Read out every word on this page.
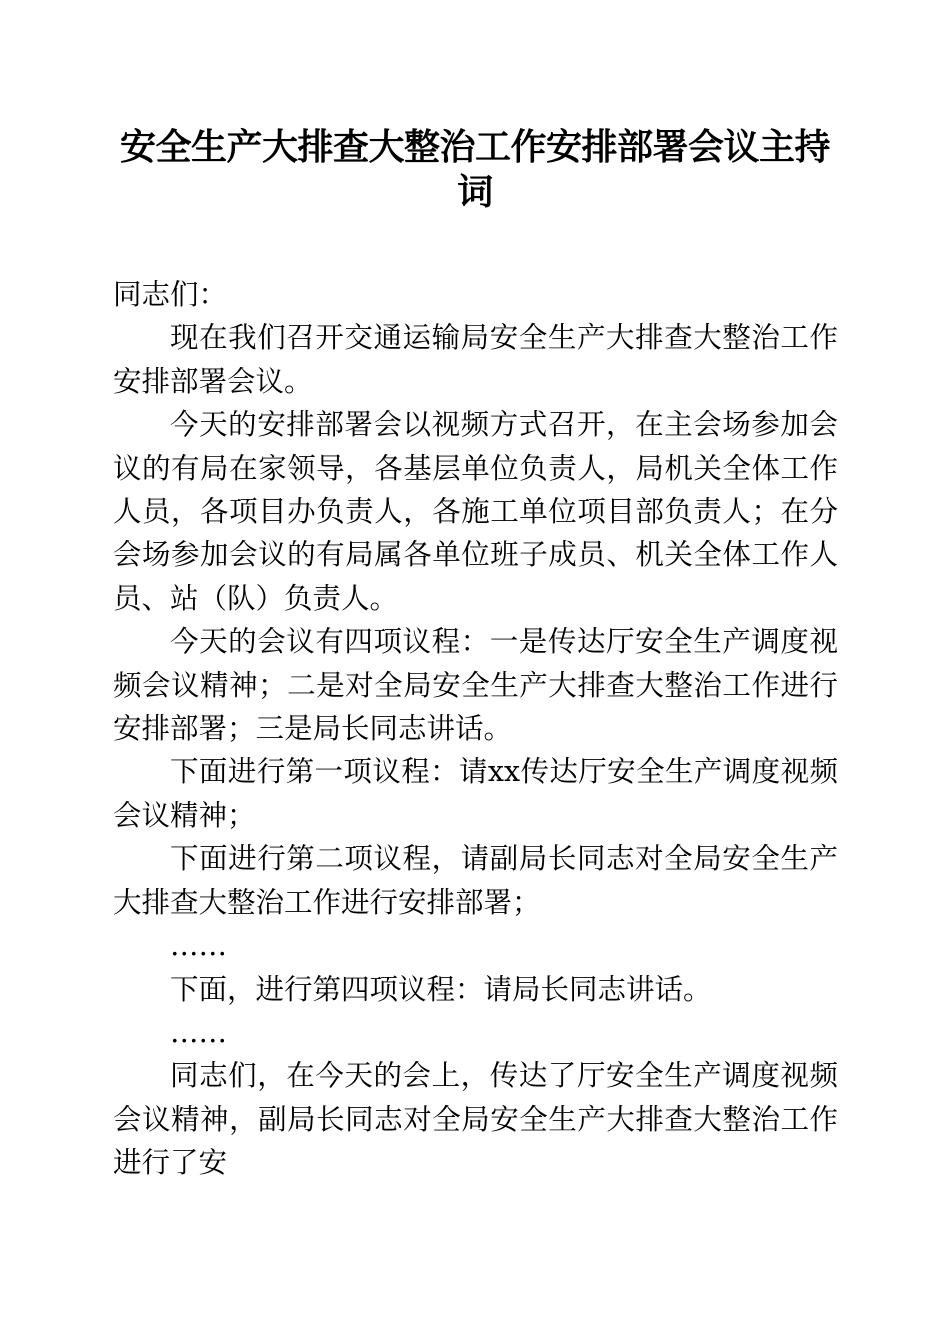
安全生产大排查大整治工作安排部署会议主持词

同志们：

现在我们召开交通运输局安全生产大排查大整治工作安排部署会议。

今天的安排部署会以视频方式召开，在主会场参加会议的有局在家领导，各基层单位负责人，局机关全体工作人员，各项目办负责人，各施工单位项目部负责人；在分会场参加会议的有局属各单位班子成员、机关全体工作人员、站（队）负责人。

今天的会议有四项议程：一是传达厅安全生产调度视频会议精神；二是对全局安全生产大排查大整治工作进行安排部署；三是局长同志讲话。

下面进行第一项议程：请xx传达厅安全生产调度视频会议精神；

下面进行第二项议程，请副局长同志对全局安全生产大排查大整治工作进行安排部署；

……

下面，进行第四项议程：请局长同志讲话。

……

同志们，在今天的会上，传达了厅安全生产调度视频会议精神，副局长同志对全局安全生产大排查大整治工作进行了安
